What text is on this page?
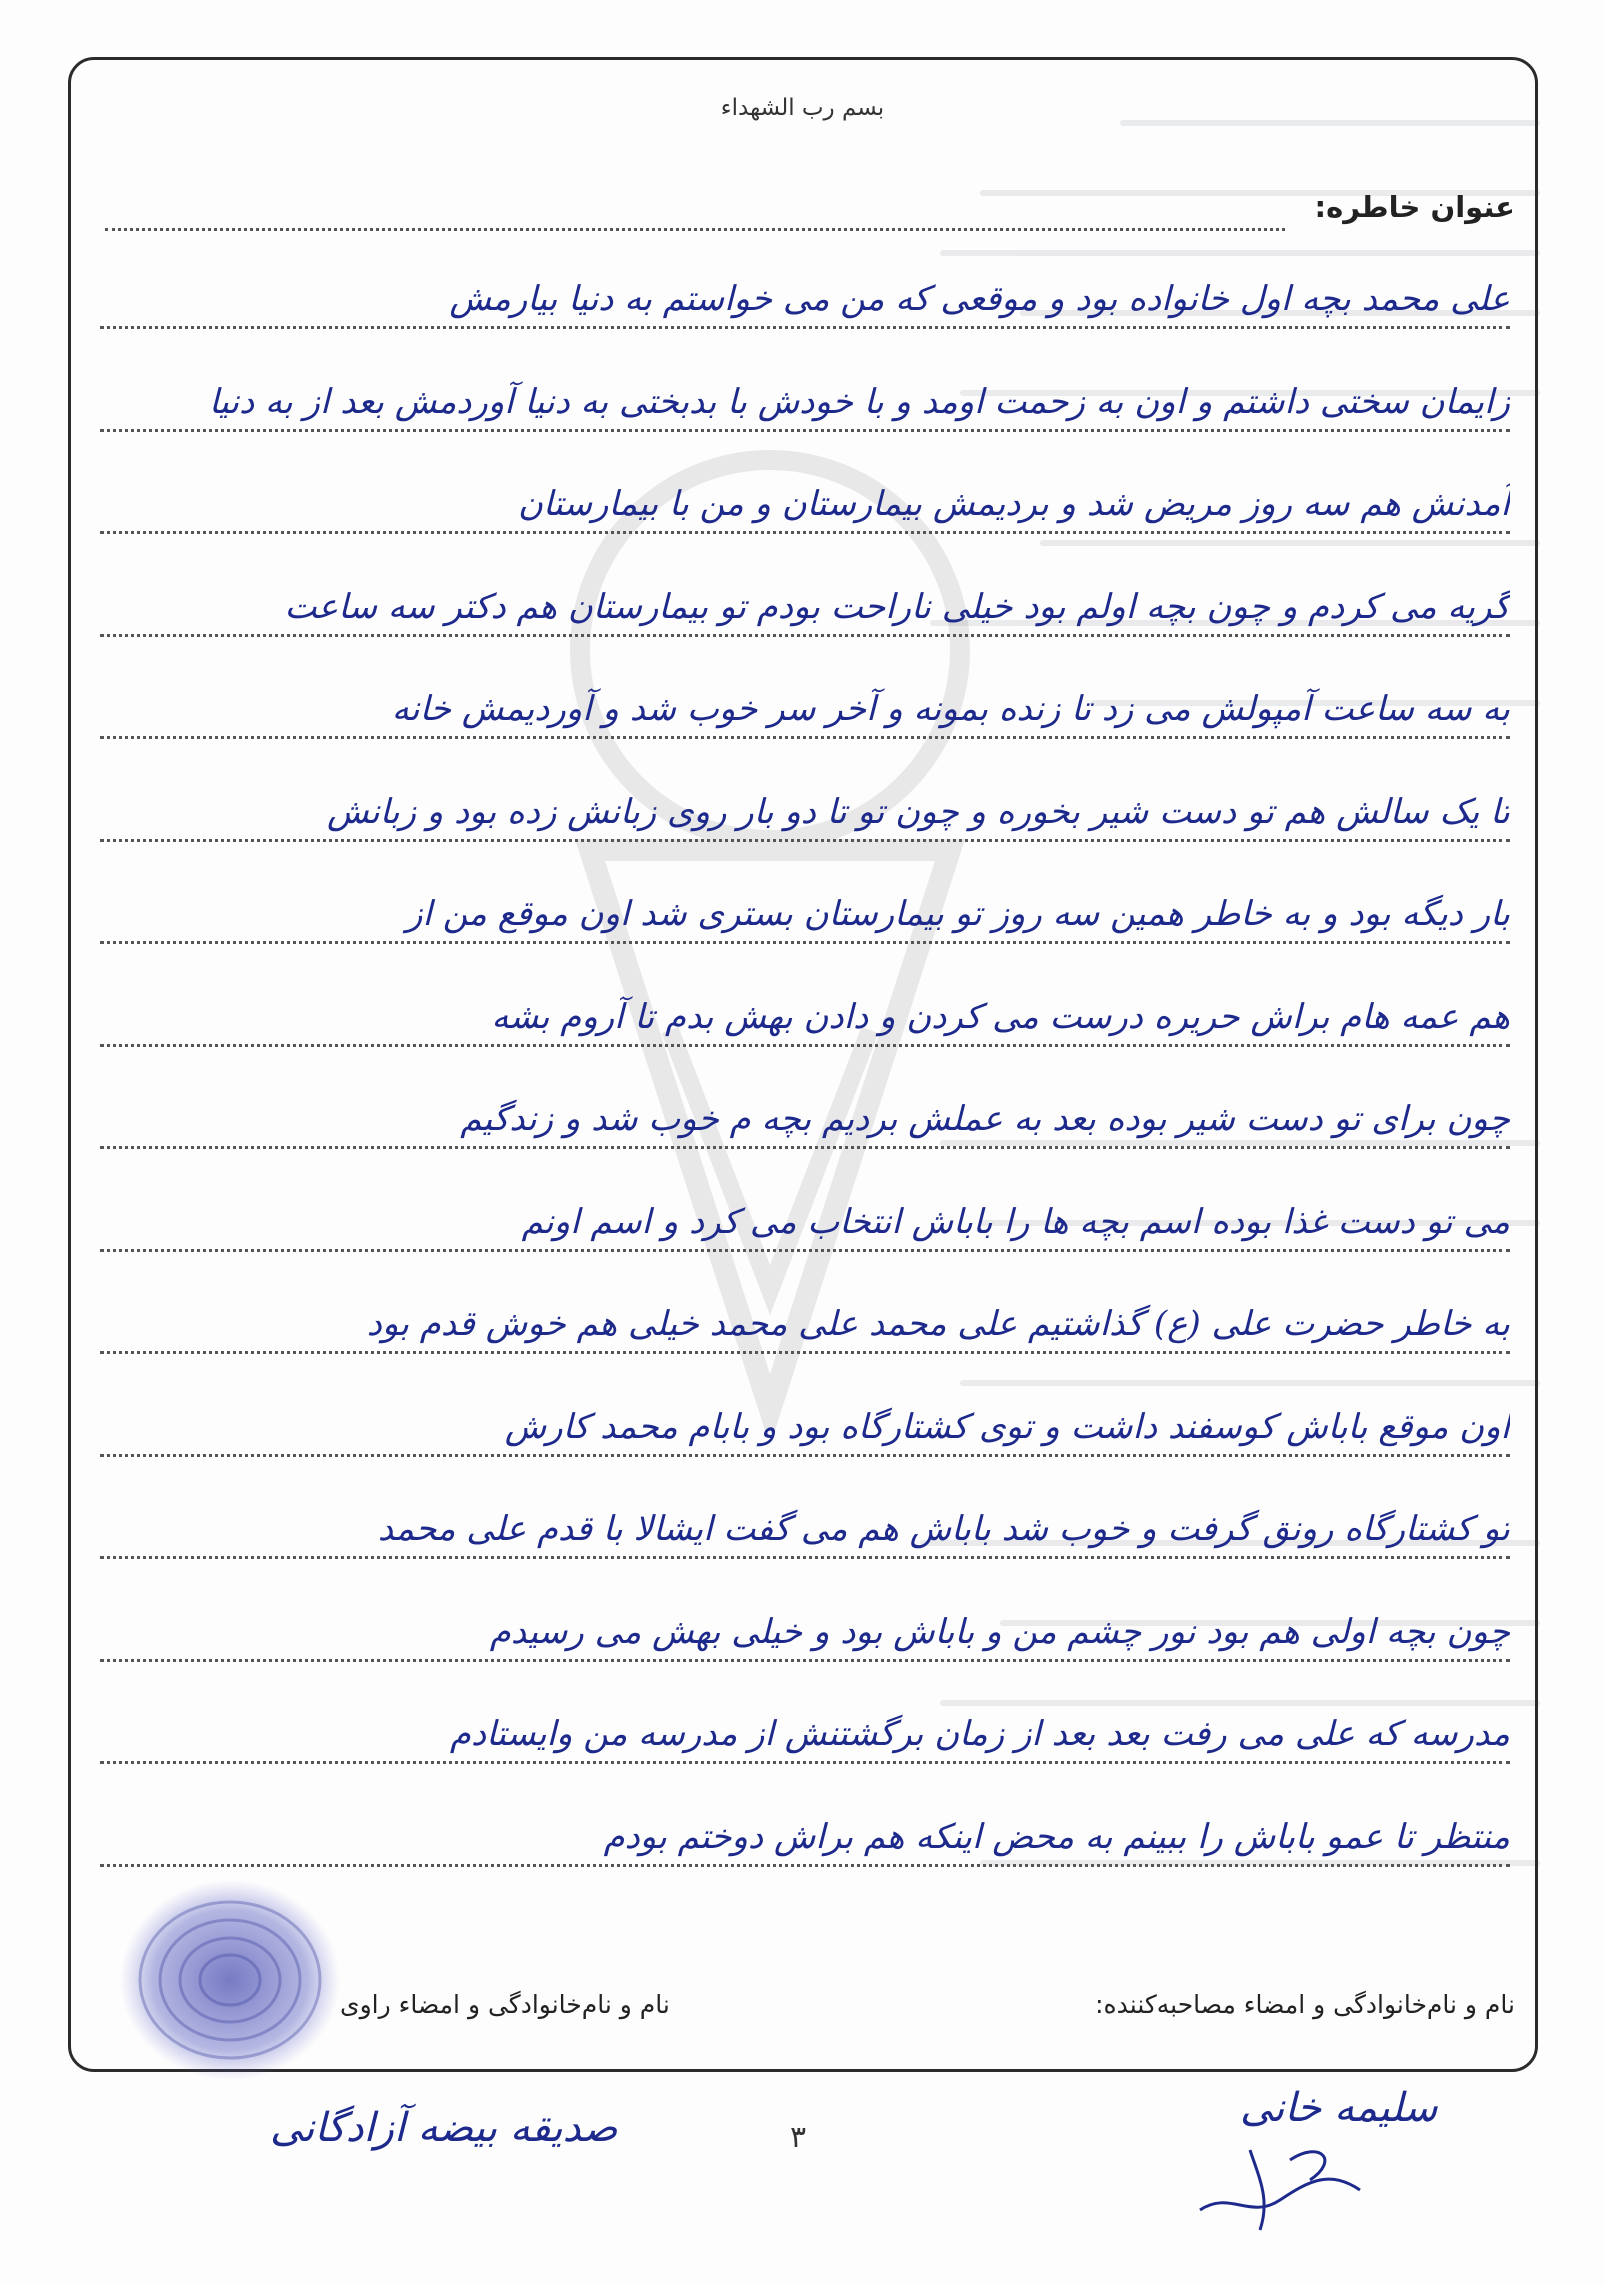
بسم رب الشهداء
عنوان خاطره:
علی محمد بچه اول خانواده بود و موقعی که من می خواستم به دنیا بیارمش
زایمان سختی داشتم و اون به زحمت اومد و با خودش با بدبختی به دنیا آوردمش بعد از به دنیا
آمدنش هم سه روز مریض شد و بردیمش بیمارستان و من با بیمارستان
گریه می کردم و چون بچه اولم بود خیلی ناراحت بودم تو بیمارستان هم دکتر سه ساعت
به سه ساعت آمپولش می زد تا زنده بمونه و آخر سر خوب شد و آوردیمش خانه
تا یک سالش هم تو دست شیر بخوره و چون تو تا دو بار روی زبانش زده بود و زبانش
بار دیگه بود و به خاطر همین سه روز تو بیمارستان بستری شد اون موقع من از
هم عمه هام براش حریره درست می کردن و دادن بهش بدم تا آروم بشه
چون برای تو دست شیر بوده بعد به عملش بردیم بچه م خوب شد و زندگیم
می تو دست غذا بوده اسم بچه ها را باباش انتخاب می کرد و اسم اونم
به خاطر حضرت علی (ع) گذاشتیم علی محمد علی محمد خیلی هم خوش قدم بود
اون موقع باباش کوسفند داشت و توی کشتارگاه بود و بابام محمد کارش
تو کشتارگاه رونق گرفت و خوب شد باباش هم می گفت ایشالا با قدم علی محمد
چون بچه اولی هم بود نور چشم من و باباش بود و خیلی بهش می رسیدم
مدرسه که علی می رفت بعد بعد از زمان برگشتنش از مدرسه من وایستادم
منتظر تا عمو باباش را ببینم به محض اینکه هم براش دوختم بودم
نام و نام‌خانوادگی و امضاء مصاحبه‌کننده:
نام و نام‌خانوادگی و امضاء راوی
۳
صدیقه بیضه آزادگانی	سلیمه خانی
